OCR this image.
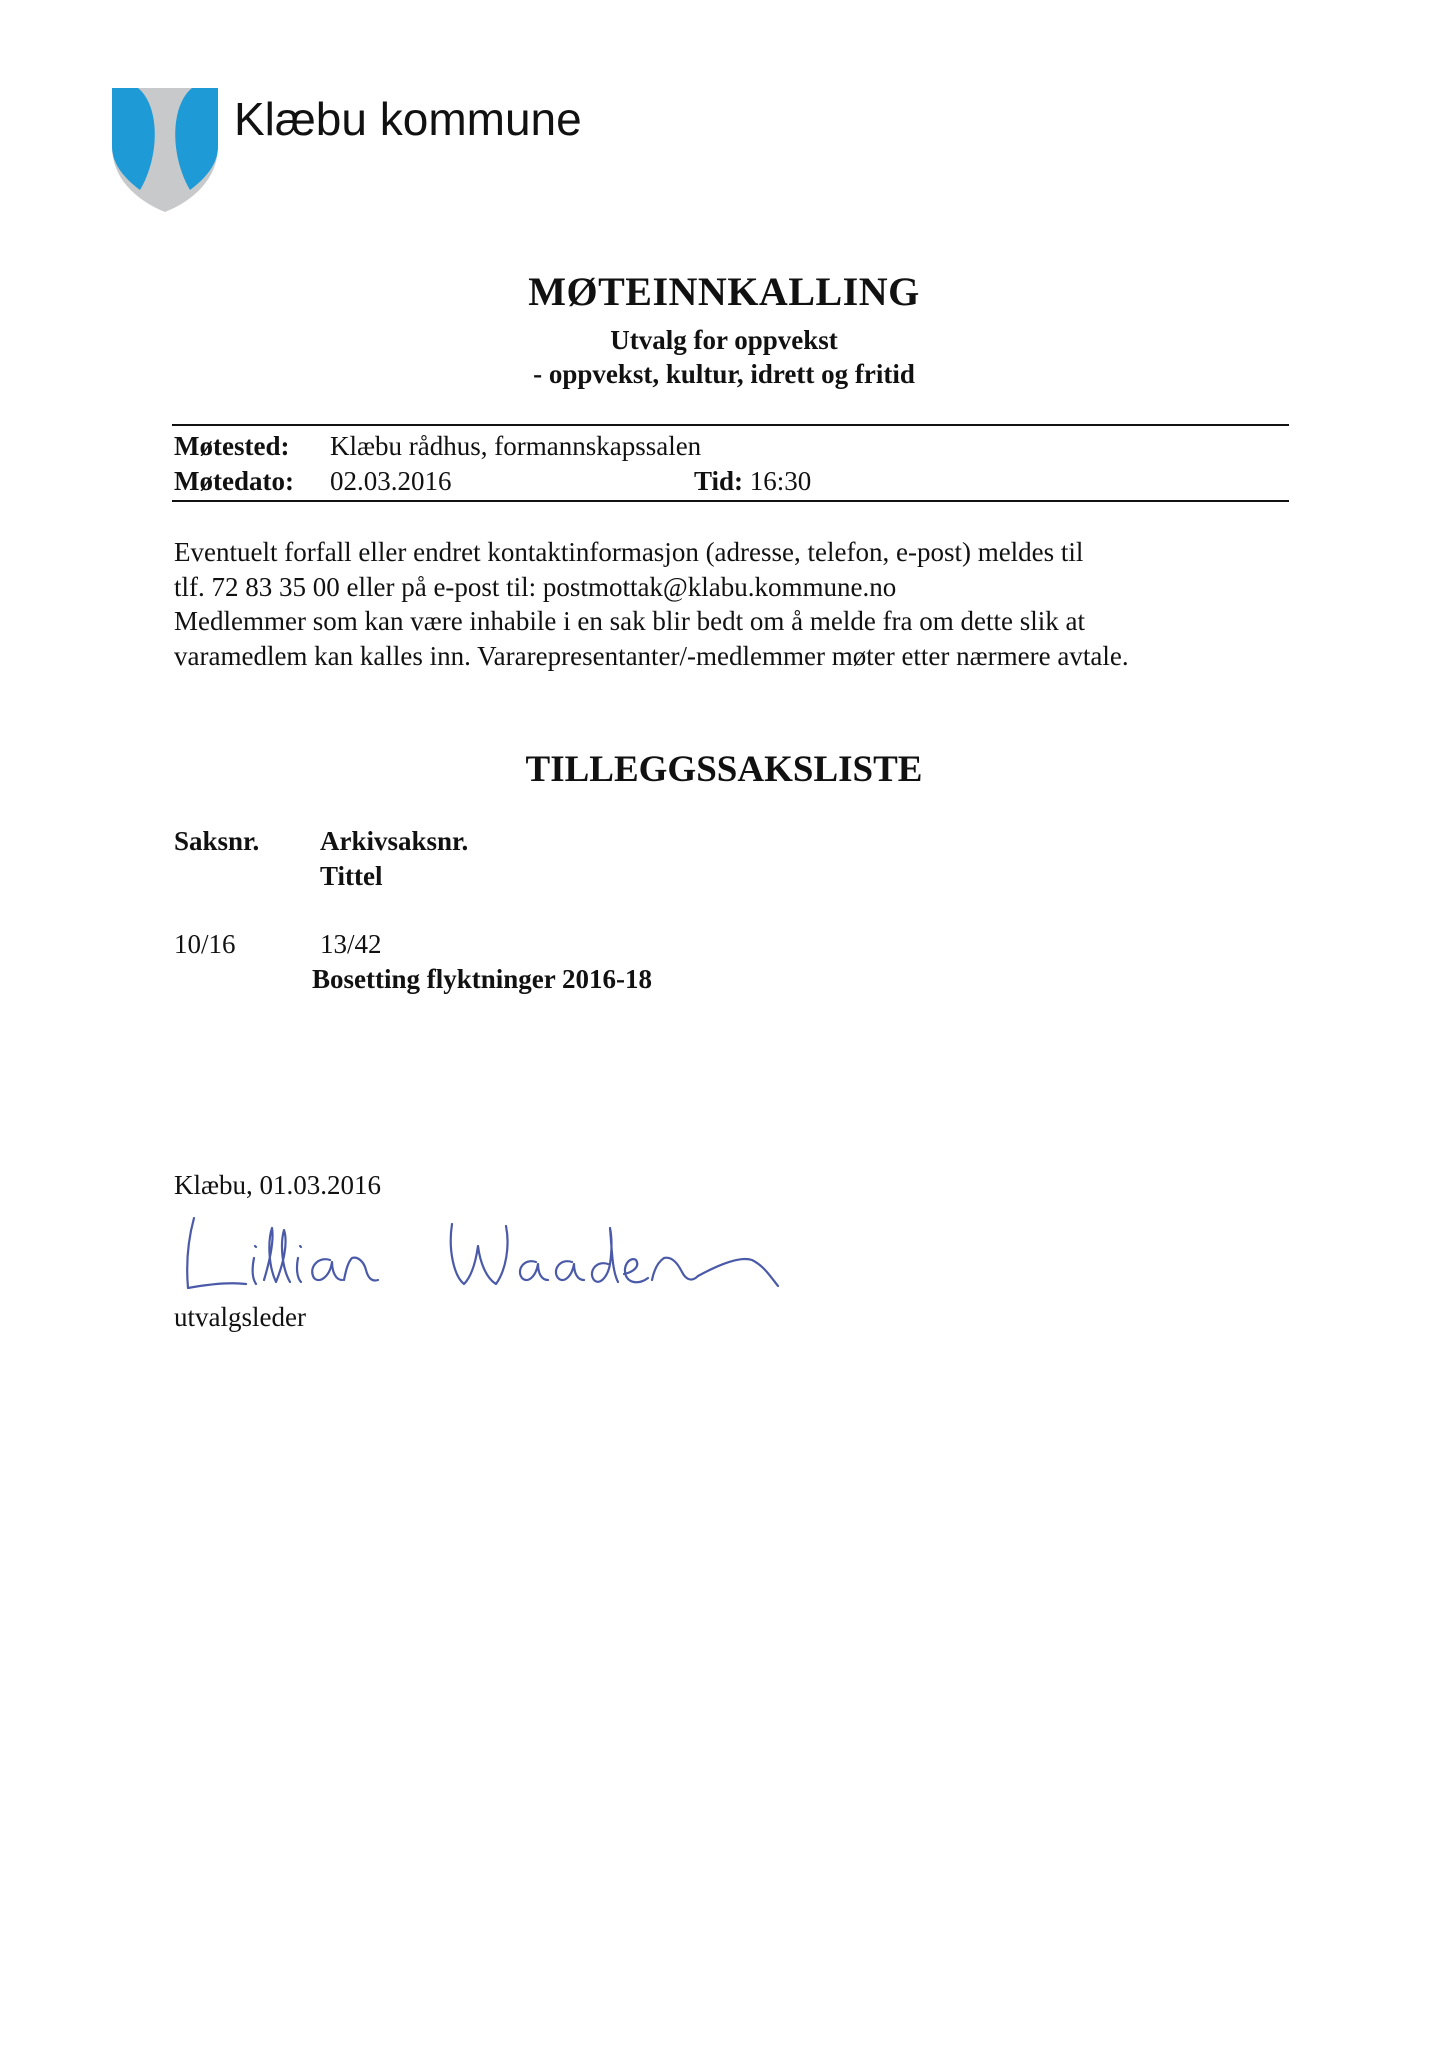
Klæbu kommune
MØTEINNKALLING
Utvalg for oppvekst
- oppvekst, kultur, idrett og fritid
Møtested: Klæbu rådhus, formannskapssalen
Møtedato: 02.03.2016	Tid: 16:30
Eventuelt forfall eller endret kontaktinformasjon (adresse, telefon, e-post) meldes til
tlf. 72 83 35 00 eller på e-post til: postmottak@klabu.kommune.no
Medlemmer som kan være inhabile i en sak blir bedt om å melde fra om dette slik at
varamedlem kan kalles inn. Vararepresentanter/-medlemmer møter etter nærmere avtale.
TILLEGGSSAKSLISTE
Saksnr. Arkivsaksnr.
Tittel
10/16	13/42
Bosetting flyktninger 2016-18
Klæbu, 01.03.2016
utvalgsleder
